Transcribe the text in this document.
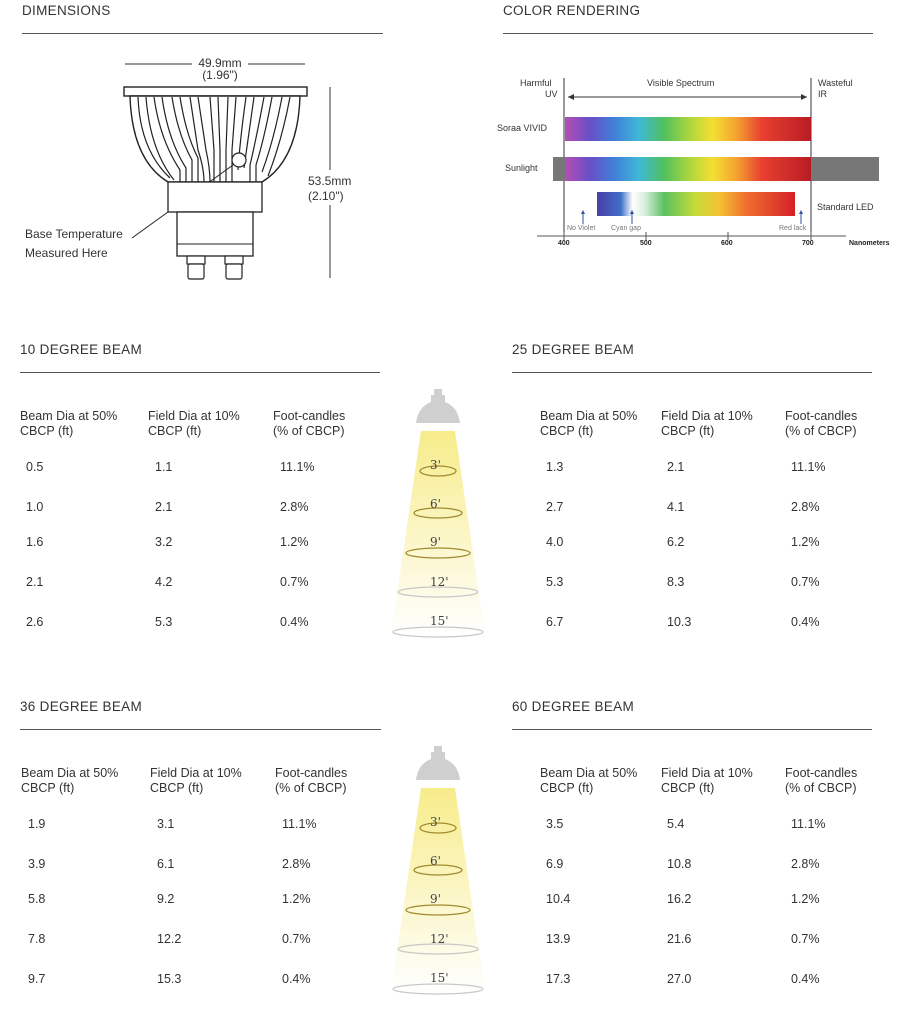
DIMENSIONS
49.9mm
(1.96")
53.5mm
(2.10")
Base Temperature
Measured Here
COLOR RENDERING
Harmful
UV
Visible Spectrum	Wasteful
IR
Soraa VIVID
Sunlight
Standard LED
No Violet Cyan gap	Red lack
400	500	600	700	Nanometers
10 DEGREE BEAM
Beam Dia at 50%
CBCP (ft)
Field Dia at 10%
CBCP (ft)
Foot-candles
(% of CBCP)
0.5	1.1	11.1%
1.0	2.1	2.8%
1.6	3.2	1.2%
2.1	4.2	0.7%
2.6	5.3	0.4%
25 DEGREE BEAM
Beam Dia at 50%
CBCP (ft)
Field Dia at 10%
CBCP (ft)
Foot-candles
(% of CBCP)
1.3	2.1	11.1%
2.7	4.1	2.8%
4.0	6.2	1.2%
5.3	8.3	0.7%
6.7	10.3	0.4%
36 DEGREE BEAM
Beam Dia at 50%
CBCP (ft)
Field Dia at 10%
CBCP (ft)
Foot-candles
(% of CBCP)
1.9	3.1	11.1%
3.9	6.1	2.8%
5.8	9.2	1.2%
7.8	12.2	0.7%
9.7	15.3	0.4%
60 DEGREE BEAM
Beam Dia at 50%
CBCP (ft)
Field Dia at 10%
CBCP (ft)
Foot-candles
(% of CBCP)
3.5	5.4	11.1%
6.9	10.8	2.8%
10.4	16.2	1.2%
13.9	21.6	0.7%
17.3	27.0	0.4%
3'
6'
9'
12'
15'
3'
6'
9'
12'
15'
